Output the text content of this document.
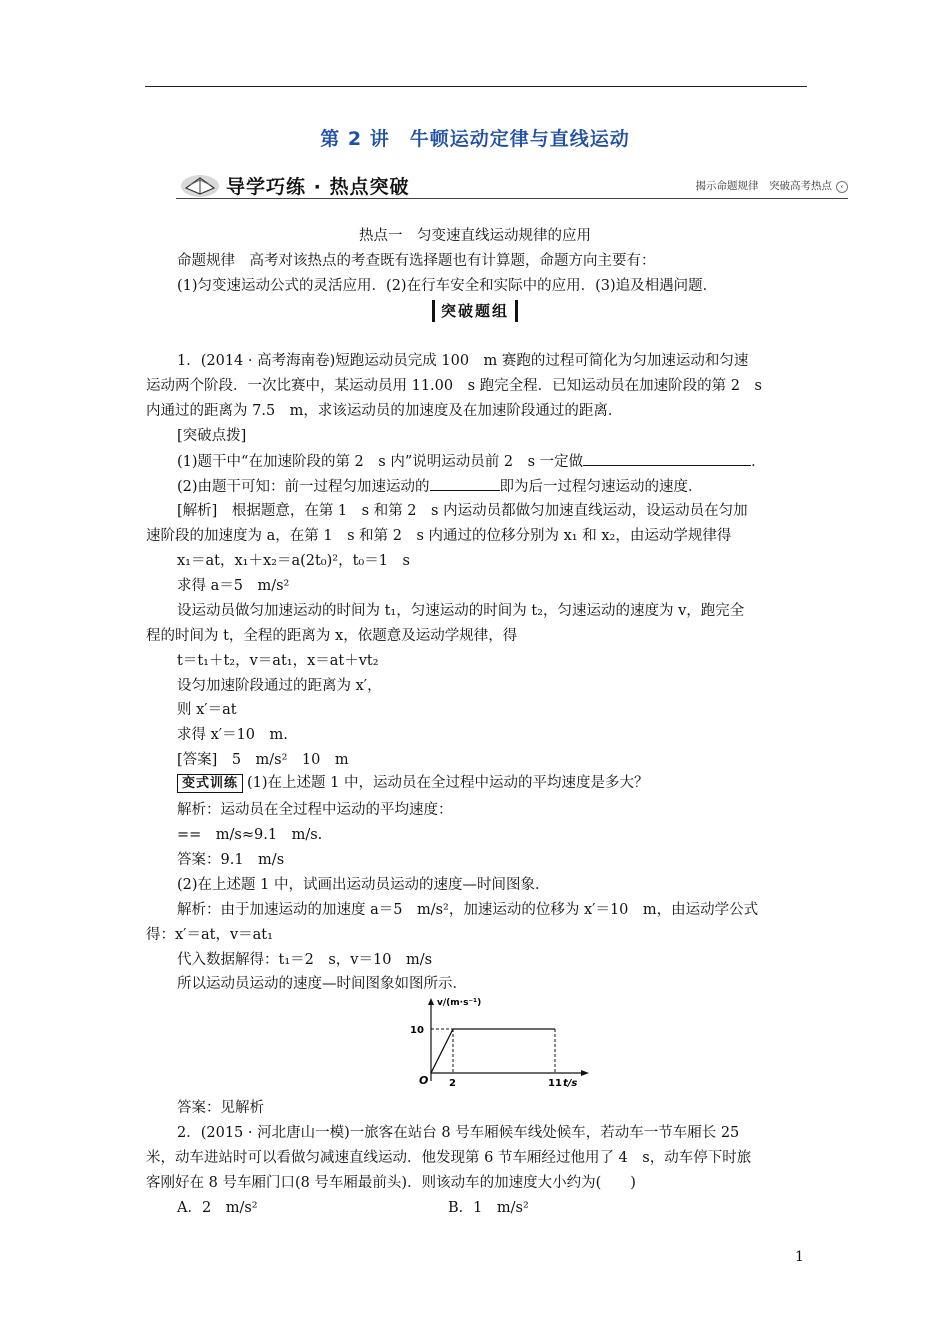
第 2 讲　牛顿运动定律与直线运动
导学巧练 · 热点突破	揭示命题规律　突破高考热点 ‹
热点一　匀变速直线运动规律的应用
命题规律　高考对该热点的考查既有选择题也有计算题，命题方向主要有：
(1)匀变速运动公式的灵活应用．(2)在行车安全和实际中的应用．(3)追及相遇问题．
突破题组
1．(2014 · 高考海南卷)短跑运动员完成 100　m 赛跑的过程可简化为匀加速运动和匀速
运动两个阶段．一次比赛中，某运动员用 11.00　s 跑完全程．已知运动员在加速阶段的第 2　s
内通过的距离为 7.5　m，求该运动员的加速度及在加速阶段通过的距离．
[突破点拨]
(1)题干中“在加速阶段的第 2　s 内”说明运动员前 2　s 一定做	．
(2)由题干可知：前一过程匀加速运动的	即为后一过程匀速运动的速度．
[解析]　根据题意，在第 1　s 和第 2　s 内运动员都做匀加速直线运动，设运动员在匀加
速阶段的加速度为 a，在第 1　s 和第 2　s 内通过的位移分别为 x₁ 和 x₂，由运动学规律得
x₁＝at，x₁＋x₂＝a(2t₀)²，t₀＝1　s
求得 a＝5　m/s²
设运动员做匀加速运动的时间为 t₁，匀速运动的时间为 t₂，匀速运动的速度为 v，跑完全
程的时间为 t，全程的距离为 x，依题意及运动学规律，得
t＝t₁＋t₂，v＝at₁，x＝at＋vt₂
设匀加速阶段通过的距离为 x′，
则 x′＝at
求得 x′＝10　m.
[答案]　5　m/s²　10　m
变式训练 (1)在上述题 1 中，运动员在全过程中运动的平均速度是多大？
解析：运动员在全过程中运动的平均速度：
==　m/s≈9.1　m/s.
答案：9.1　m/s
(2)在上述题 1 中，试画出运动员运动的速度—时间图象．
解析：由于加速运动的加速度 a＝5　m/s²，加速运动的位移为 x′＝10　m，由运动学公式
得：x′＝at，v＝at₁
代入数据解得：t₁＝2　s，v＝10　m/s
所以运动员运动的速度—时间图象如图所示．
v/(m·s⁻¹)
10
O 2	11 t/s
答案：见解析
2．(2015 · 河北唐山一模)一旅客在站台 8 号车厢候车线处候车，若动车一节车厢长 25
米，动车进站时可以看做匀减速直线运动．他发现第 6 节车厢经过他用了 4　s，动车停下时旅
客刚好在 8 号车厢门口(8 号车厢最前头)．则该动车的加速度大小约为(　　)
A．2　m/s²	B．1　m/s²
1
